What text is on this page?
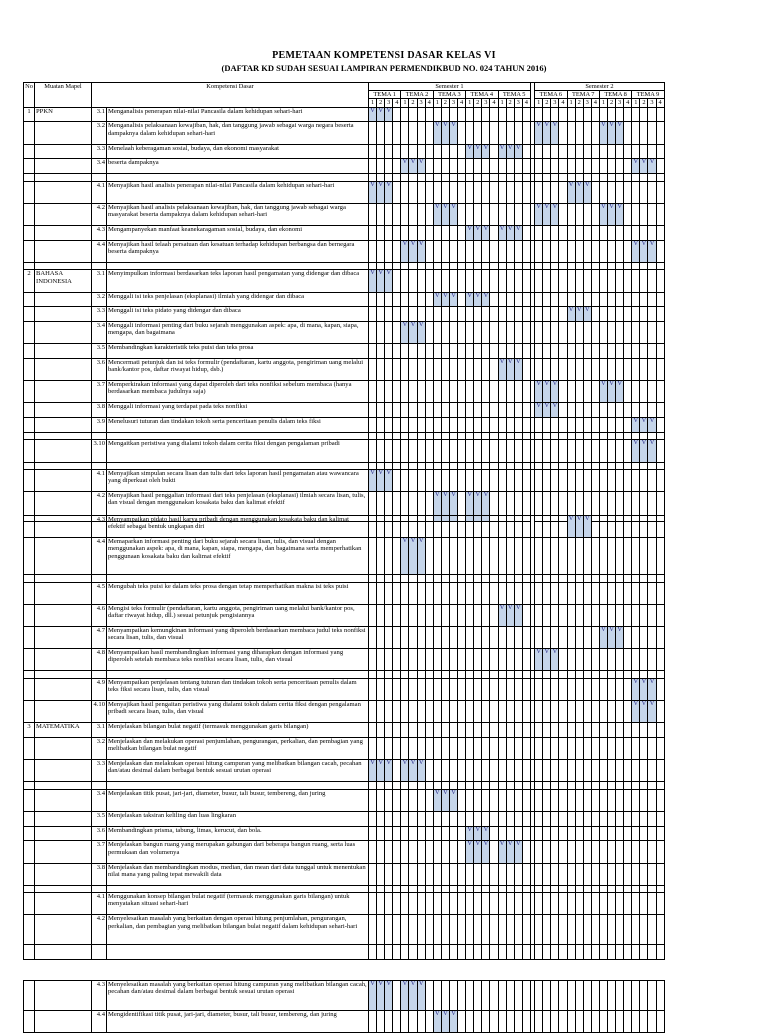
PEMETAAN KOMPETENSI DASAR KELAS VI
(DAFTAR KD SUDAH SESUAI LAMPIRAN PERMENDIKBUD NO. 024 TAHUN 2016)
No	Muatan Mapel	Kompetensi Dasar		Semester 1																					Semester 2															
				TEMA 1				TEMA 2				TEMA 3				TEMA 4				TEMA 5					TEMA 6				TEMA 7				TEMA 8				TEMA 9			
				1	2	3	4	1	2	3	4	1	2	3	4	1	2	3	4	1	2	3	4		1	2	3	4	1	2	3	4	1	2	3	4	1	2	3	4
1	PPKN	3.1	Menganalisis penerapan nilai-nilai Pancasila dalam kehidupan sehari-hari	V	V	V																																		
		3.2	Menganalisis pelaksanaan kewajiban, hak, dan tanggung jawab sebagai warga negara beserta dampaknya dalam kehidupan sehari-hari									V	V	V											V	V	V						V	V	V					
		3.3	Menelaah keberagaman sosial, budaya, dan ekonomi masyarakat													V	V	V		V	V	V																		
		3.4	beserta dampaknya					V	V	V																											V	V	V	

		4.1	Menyajikan hasil analisis penerapan nilai-nilai Pancasila dalam kehidupan sehari-hari	V	V	V																							V	V	V									
		4.2	Menyajikan hasil analisis pelaksanaan kewajiban, hak, dan tanggung jawab sebagai warga masyarakat beserta dampaknya dalam kehidupan sehari-hari									V	V	V											V	V	V						V	V	V					
		4.3	Mengampanyekan manfaat keanekaragaman sosial, budaya, dan ekonomi													V	V	V		V	V	V																		
		4.4	Menyajikan hasil telaah persatuan dan kesatuan terhadap kehidupan berbangsa dan bernegara beserta dampaknya					V	V	V																											V	V	V	

2	BAHASA INDONESIA	3.1	Menyimpulkan informasi berdasarkan teks laporan hasil pengamatan yang didengar dan dibaca	V	V	V																																		
		3.2	Menggali isi teks penjelasan (eksplanasi) ilmiah yang didengar dan dibaca									V	V	V		V	V	V																						
		3.3	Menggali isi teks pidato yang didengar dan dibaca																										V	V	V									
		3.4	Menggali informasi penting dari buku sejarah menggunakan aspek: apa, di mana, kapan, siapa, mengapa, dan bagaimana					V	V	V																														
		3.5	Membandingkan karakteristik teks puisi dan teks prosa																																					
		3.6	Mencermati petunjuk dan isi teks formulir (pendaftaran, kartu anggota, pengiriman uang melalui bank/kantor pos, daftar riwayat hidup, dsb.)																	V	V	V																		
		3.7	Memperkirakan informasi yang dapat diperoleh dari teks nonfiksi sebelum membaca (hanya berdasarkan membaca judulnya saja)																						V	V	V						V	V	V					
		3.8	Menggali informasi yang terdapat pada teks nonfiksi																						V	V	V													
		3.9	Menelusuri tuturan dan tindakan tokoh serta penceritaan penulis dalam teks fiksi																																		V	V	V	

		3.10	Mengaitkan peristiwa yang dialami tokoh dalam cerita fiksi dengan pengalaman pribadi																																		V	V	V	

		4.1	Menyajikan simpulan secara lisan dan tulis dari teks laporan hasil pengamatan atau wawancara yang diperkuat oleh bukti	V	V	V																																		
		4.2	Menyajikan hasil penggalian informasi dari teks penjelasan (eksplanasi) ilmiah secara lisan, tulis, dan visual dengan menggunakan kosakata baku dan kalimat efektif									V	V	V		V	V	V																						
		4.3	Menyampaikan pidato hasil karya pribadi dengan menggunakan kosakata baku dan kalimat efektif sebagai bentuk ungkapan diri																										V	V	V									
		4.4	Memaparkan informasi penting dari buku sejarah secara lisan, tulis, dan visual dengan menggunakan aspek: apa, di mana, kapan, siapa, mengapa, dan bagaimana serta memperhatikan penggunaan kosakata baku dan kalimat efektif					V	V	V																														

		4.5	Mengubah teks puisi ke dalam teks prosa dengan tetap memperhatikan makna isi teks puisi																																					
		4.6	Mengisi teks formulir (pendaftaran, kartu anggota, pengiriman uang melalui bank/kantor pos, daftar riwayat hidup, dll.) sesuai petunjuk pengisiannya																	V	V	V																		
		4.7	Menyampaikan kemungkinan informasi yang diperoleh berdasarkan membaca judul teks nonfiksi secara lisan, tulis, dan visual																														V	V	V					
		4.8	Menyampaikan hasil membandingkan informasi yang diharapkan dengan informasi yang diperoleh setelah membaca teks nonfiksi secara lisan, tulis, dan visual																						V	V	V													

		4.9	Menyampaikan penjelasan tentang tuturan dan tindakan tokoh serta penceritaan penulis dalam teks fiksi secara lisan, tulis, dan visual																																		V	V	V	
		4.10	Menyajikan hasil pengaitan peristiwa yang dialami tokoh dalam cerita fiksi dengan pengalaman pribadi secara lisan, tulis, dan visual																																		V	V	V	
3	MATEMATIKA	3.1	Menjelaskan bilangan bulat negatif (termasuk menggunakan garis bilangan)																																					
		3.2	Menjelaskan dan melakukan operasi penjumlahan, pengurangan, perkalian, dan pembagian yang melibatkan bilangan bulat negatif																																					
		3.3	Menjelaskan dan melakukan operasi hitung campuran yang melibatkan bilangan cacah, pecahan dan/atau desimal dalam berbagai bentuk sesuai urutan operasi	V	V	V		V	V	V																														

		3.4	Menjelaskan titik pusat, jari-jari, diameter, busur, tali busur, tembereng, dan juring									V	V	V																										
		3.5	Menjelaskan taksiran keliling dan luas lingkaran																																					
		3.6	Membandingkan prisma, tabung, limas, kerucut, dan bola.													V	V	V																						
		3.7	Menjelaskan bangun ruang yang merupakan gabungan dari beberapa bangun ruang, serta luas permukaan dan volumenya													V	V	V		V	V	V																		
		3.8	Menjelaskan dan membandingkan modus, median, dan mean dari data tunggal untuk menentukan nilai mana yang paling tepat mewakili data																																					

		4.1	Menggunakan konsep bilangan bulat negatif (termasuk menggunakan garis bilangan) untuk menyatakan situasi sehari-hari																																					
		4.2	Menyelesaikan masalah yang berkaitan dengan operasi hitung penjumlahan, pengurangan, perkalian, dan pembagian yang melibatkan bilangan bulat negatif dalam kehidupan sehari-hari																																					

		4.3	Menyelesaikan masalah yang berkaitan operasi hitung campuran yang melibatkan bilangan cacah, pecahan dan/atau desimal dalam berbagai bentuk sesuai urutan operasi	V	V	V		V	V	V																														
		4.4	Mengidentifikasi titik pusat, jari-jari, diameter, busur, tali busur, tembereng, dan juring									V	V	V																										
